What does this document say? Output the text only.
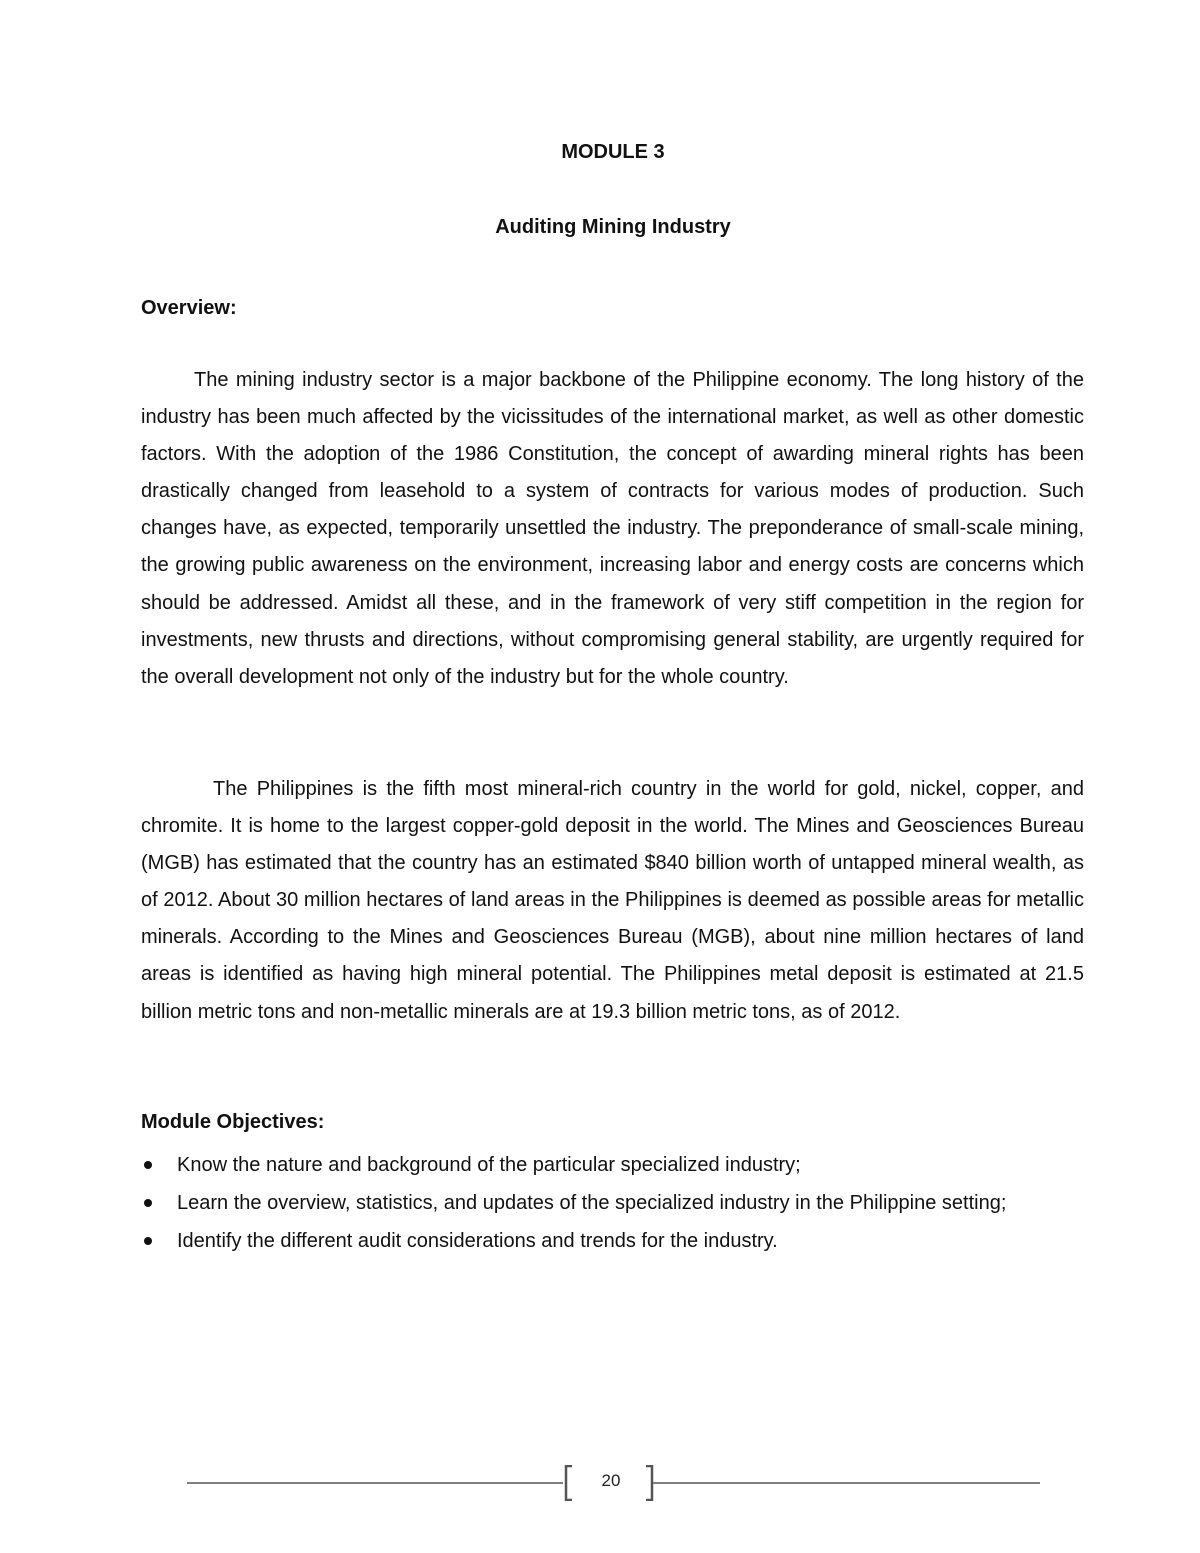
MODULE 3
Auditing Mining Industry
Overview:

The mining industry sector is a major backbone of the Philippine economy. The long history of the industry has been much affected by the vicissitudes of the international market, as well as other domestic factors. With the adoption of the 1986 Constitution, the concept of awarding mineral rights has been drastically changed from leasehold to a system of contracts for various modes of production. Such changes have, as expected, temporarily unsettled the industry. The preponderance of small-scale mining, the growing public awareness on the environment, increasing labor and energy costs are concerns which should be addressed. Amidst all these, and in the framework of very stiff competition in the region for investments, new thrusts and directions, without compromising general stability, are urgently required for the overall development not only of the industry but for the whole country.

The Philippines is the fifth most mineral-rich country in the world for gold, nickel, copper, and chromite. It is home to the largest copper-gold deposit in the world. The Mines and Geosciences Bureau (MGB) has estimated that the country has an estimated $840 billion worth of untapped mineral wealth, as of 2012. About 30 million hectares of land areas in the Philippines is deemed as possible areas for metallic minerals. According to the Mines and Geosciences Bureau (MGB), about nine million hectares of land areas is identified as having high mineral potential. The Philippines metal deposit is estimated at 21.5 billion metric tons and non-metallic minerals are at 19.3 billion metric tons, as of 2012.

Module Objectives:
Know the nature and background of the particular specialized industry;
Learn the overview, statistics, and updates of the specialized industry in the Philippine setting;
Identify the different audit considerations and trends for the industry.
20
